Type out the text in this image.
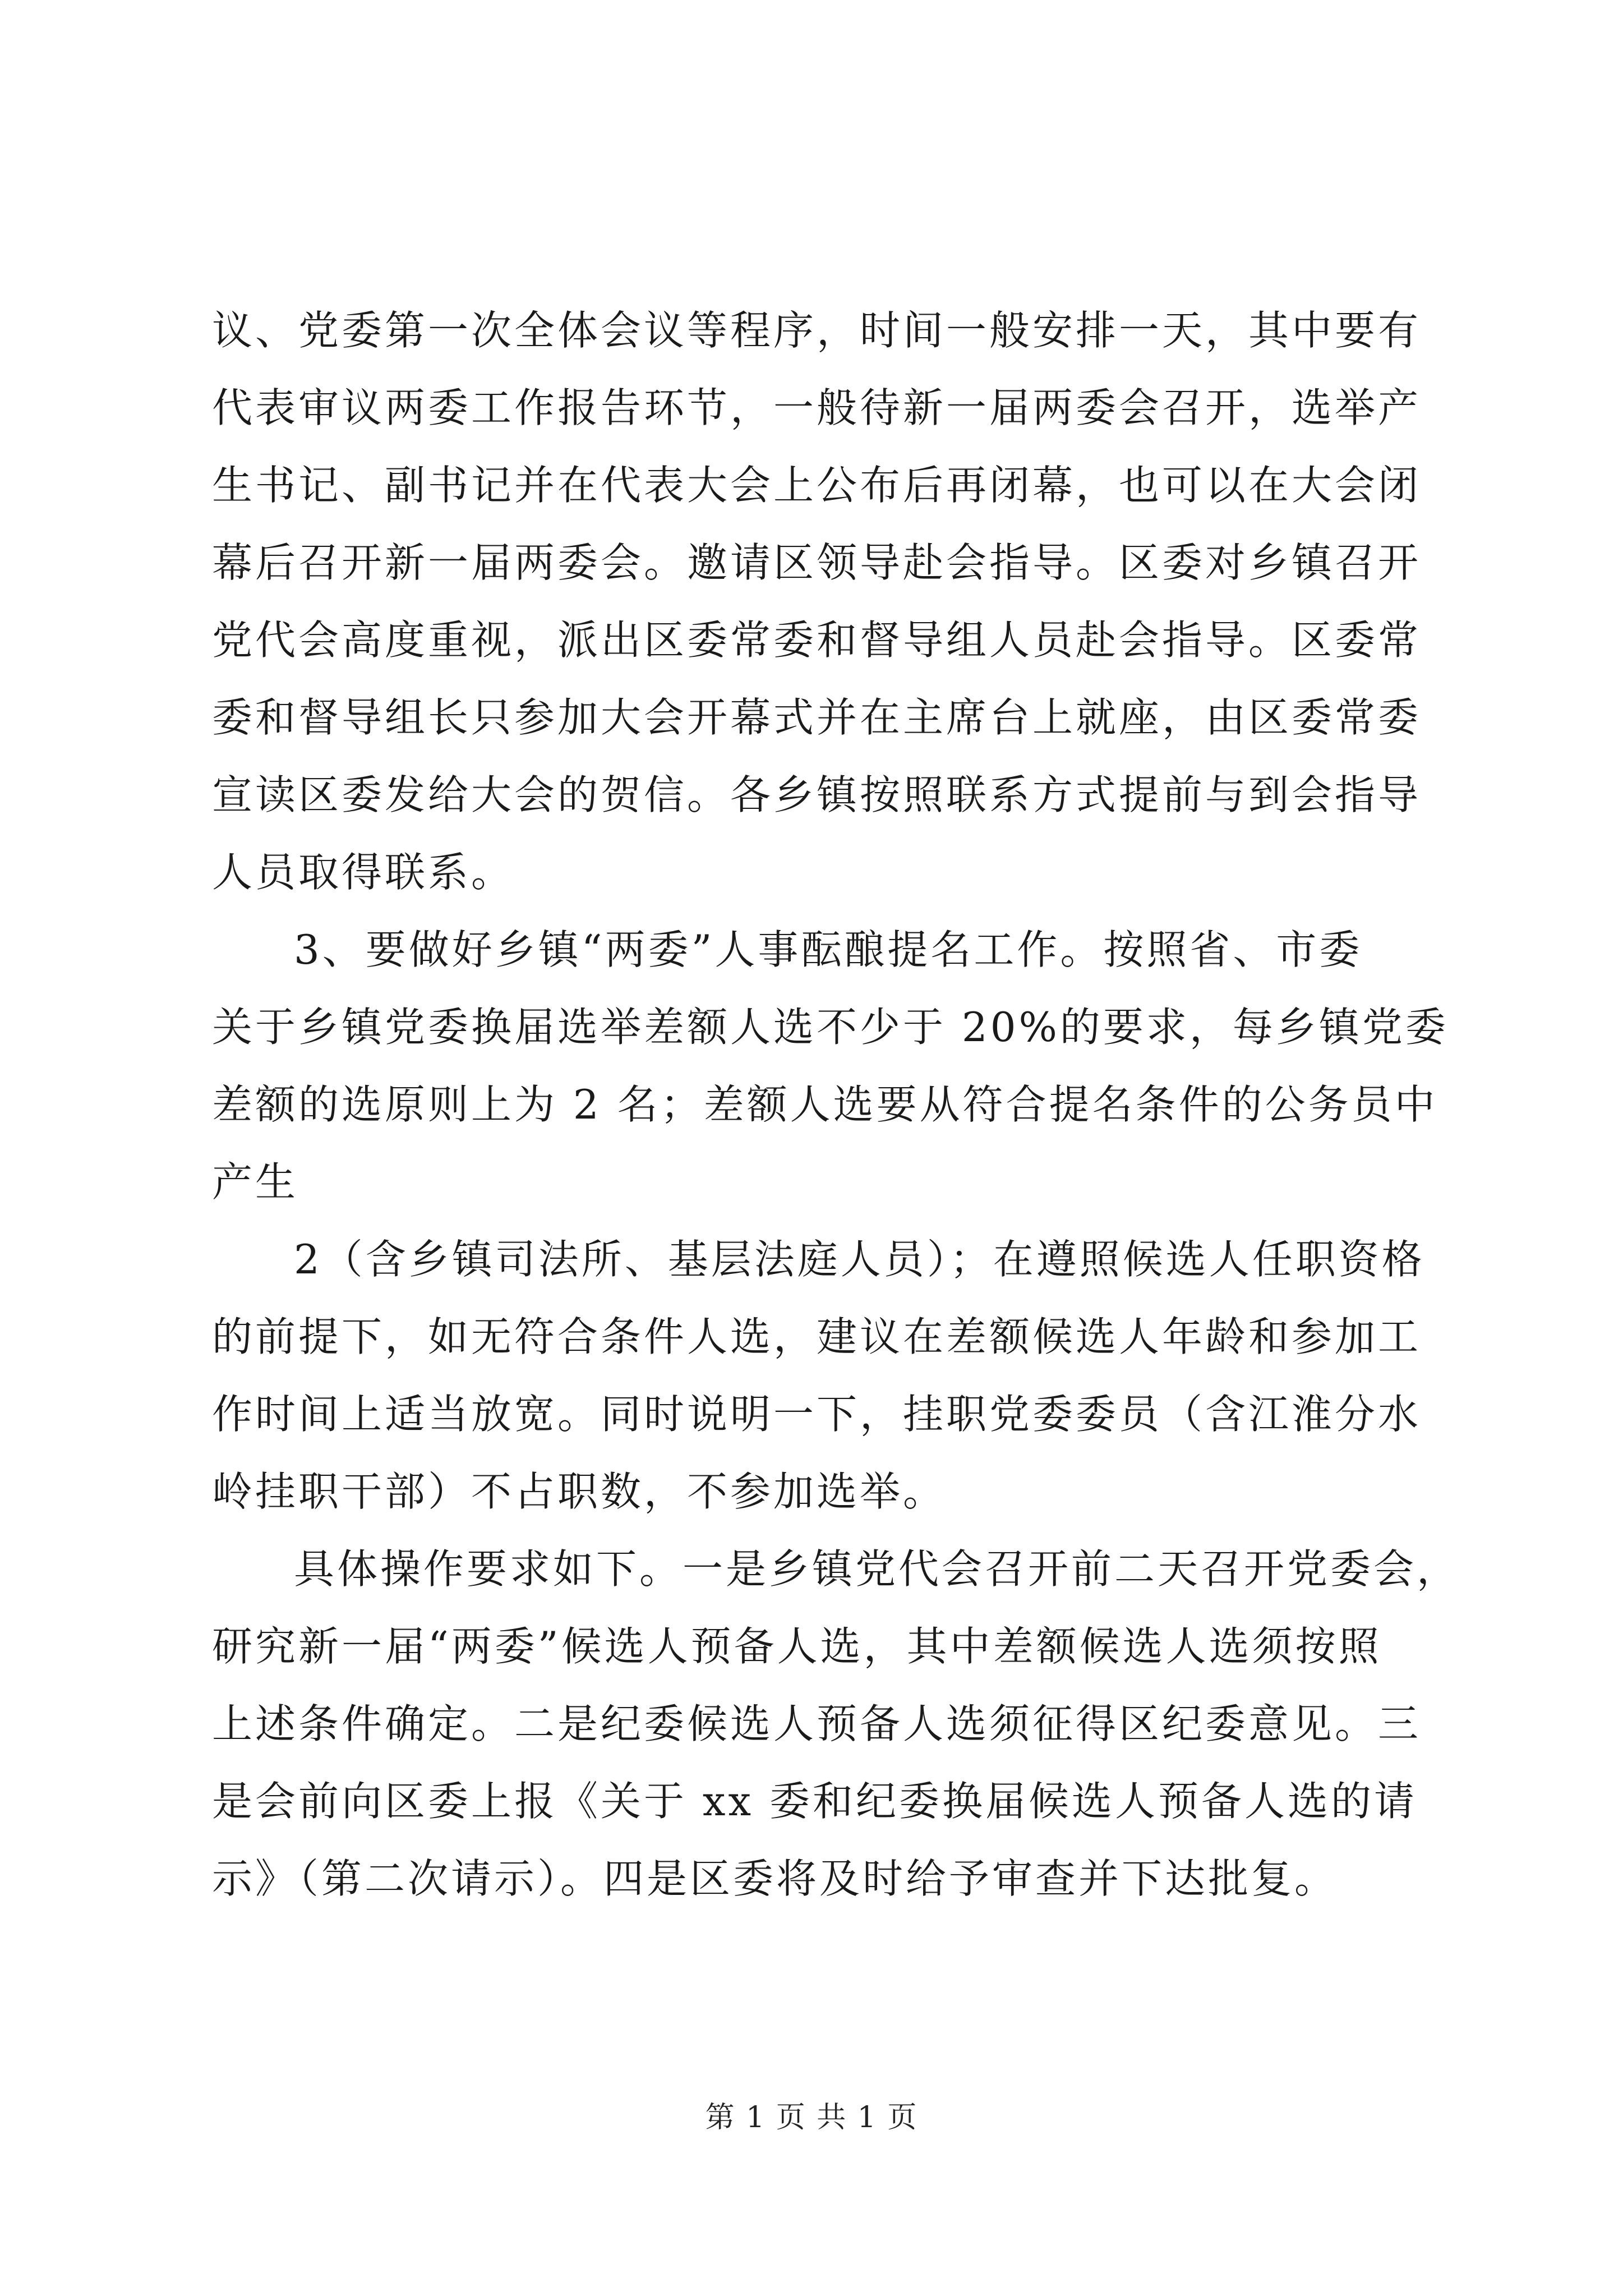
议、党委第一次全体会议等程序，时间一般安排一天，其中要有
代表审议两委工作报告环节，一般待新一届两委会召开，选举产
生书记、副书记并在代表大会上公布后再闭幕，也可以在大会闭
幕后召开新一届两委会。邀请区领导赴会指导。区委对乡镇召开
党代会高度重视，派出区委常委和督导组人员赴会指导。区委常
委和督导组长只参加大会开幕式并在主席台上就座，由区委常委
宣读区委发给大会的贺信。各乡镇按照联系方式提前与到会指导
人员取得联系。
3、要做好乡镇“两委”人事酝酿提名工作。按照省、市委
关于乡镇党委换届选举差额人选不少于 20%的要求，每乡镇党委
差额的选原则上为 2 名；差额人选要从符合提名条件的公务员中
产生
2（含乡镇司法所、基层法庭人员）；在遵照候选人任职资格
的前提下，如无符合条件人选，建议在差额候选人年龄和参加工
作时间上适当放宽。同时说明一下，挂职党委委员（含江淮分水
岭挂职干部）不占职数，不参加选举。
具体操作要求如下。一是乡镇党代会召开前二天召开党委会，
研究新一届“两委”候选人预备人选，其中差额候选人选须按照
上述条件确定。二是纪委候选人预备人选须征得区纪委意见。三
是会前向区委上报《关于 xx 委和纪委换届候选人预备人选的请
示》（第二次请示）。四是区委将及时给予审查并下达批复。
第 1 页 共 1 页
